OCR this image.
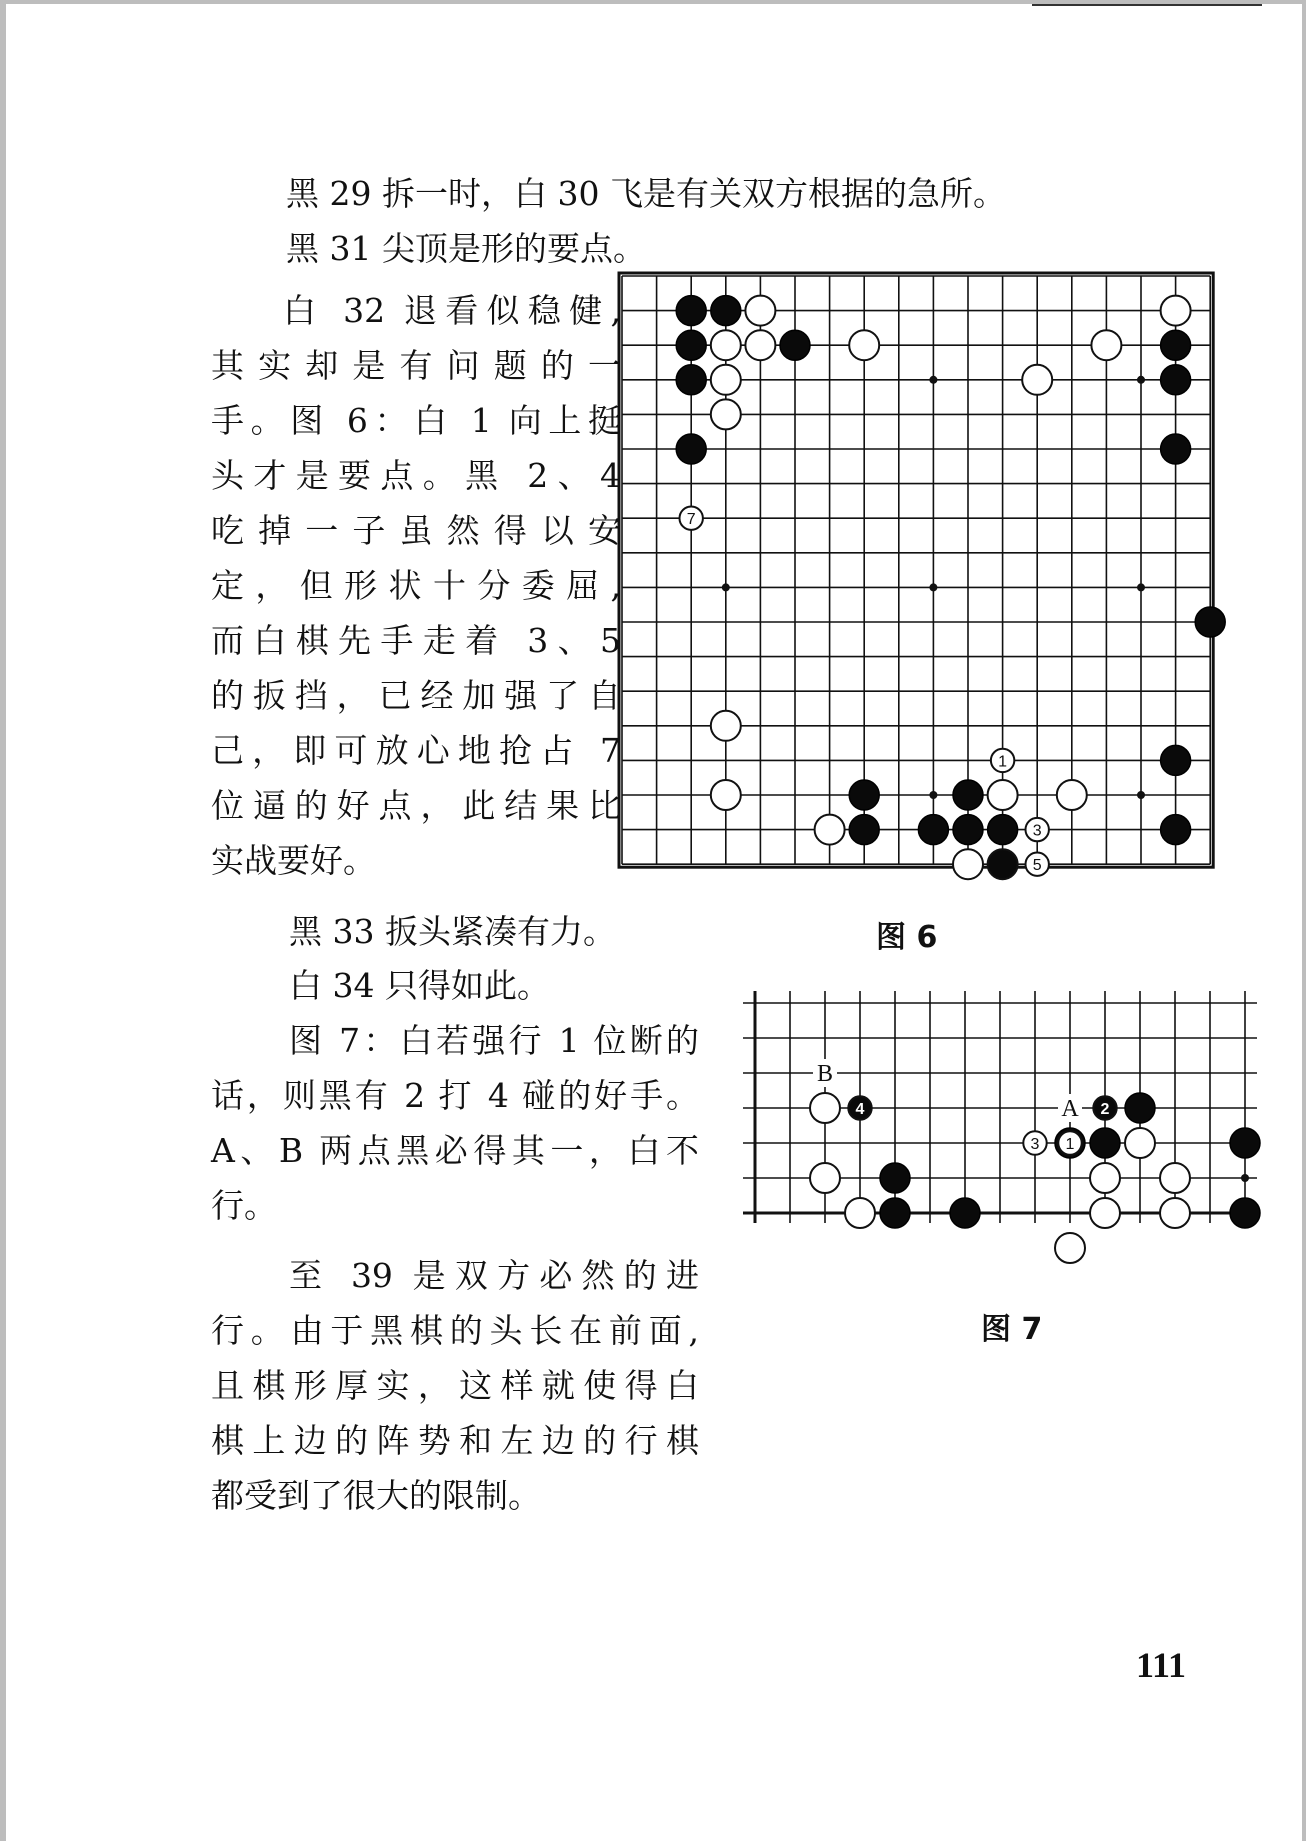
黑 29 拆一时，白 30 飞是有关双方根据的急所。
黑 31 尖顶是形的要点。
白 32 退看似稳健,
其实却是有问题的一
手。图 6：白 1 向上挺
头才是要点。黑 2、4
吃掉一子虽然得以安
定，但形状十分委屈,
而白棋先手走着 3、5
的扳挡，已经加强了自
己，即可放心地抢占 7
位逼的好点，此结果比
实战要好。
黑 33 扳头紧凑有力。
白 34 只得如此。
图 7：白若强行 1 位断的
话，则黑有 2 打 4 碰的好手。
A、B 两点黑必得其一，白不
行。
至 39 是双方必然的进
行。由于黑棋的头长在前面,
且棋形厚实，这样就使得白
棋上边的阵势和左边的行棋
都受到了很大的限制。
1
3
5
7
图 6
4	2
3 1
B
A
图 7
111
